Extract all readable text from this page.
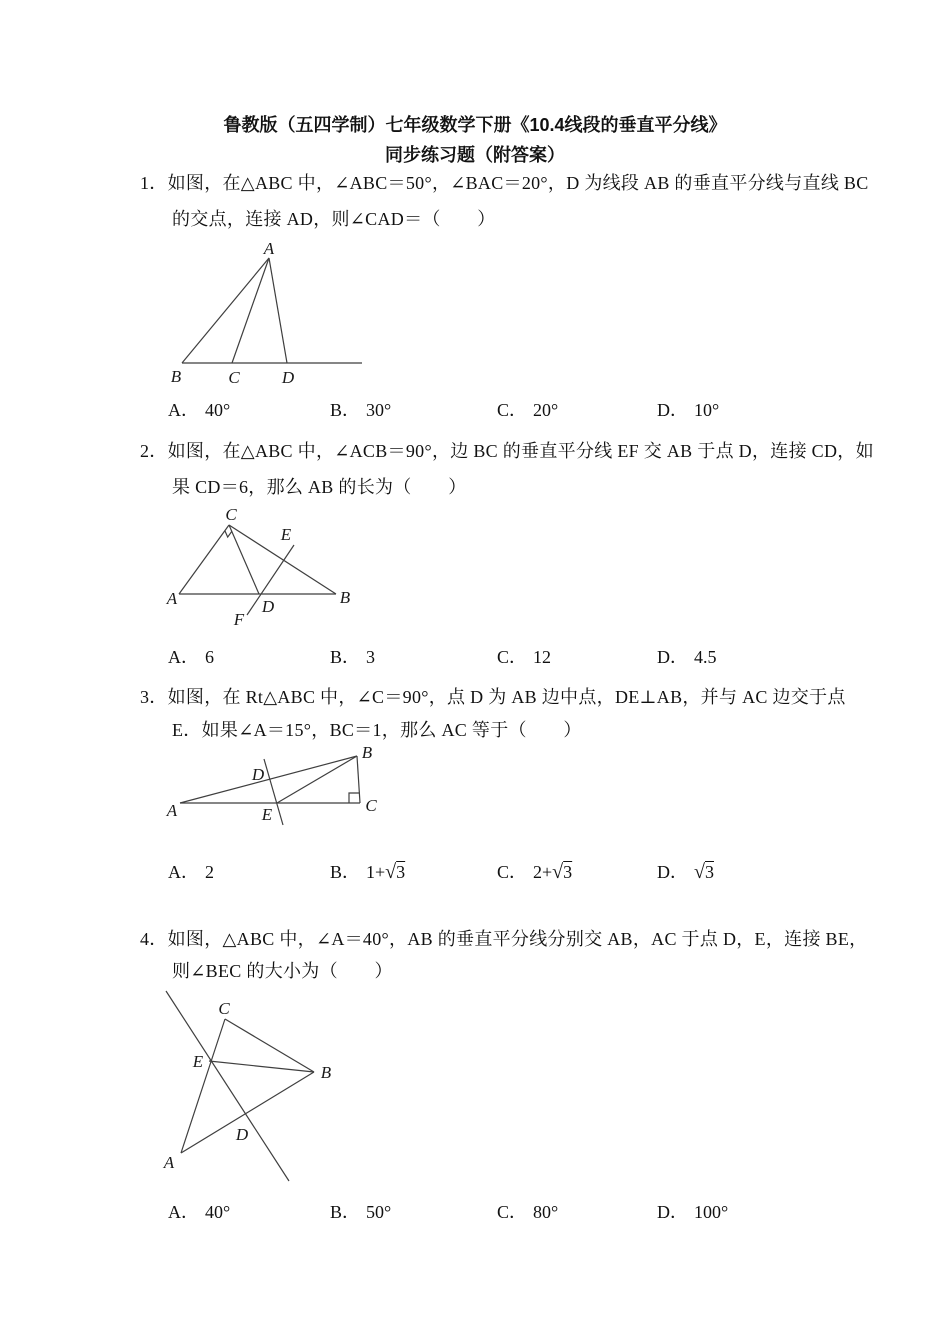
鲁教版（五四学制）七年级数学下册《10.4线段的垂直平分线》
同步练习题（附答案）
1．如图，在△ABC 中，∠ABC＝50°，∠BAC＝20°，D 为线段 AB 的垂直平分线与直线 BC
的交点，连接 AD，则∠CAD＝（　　）
A
B	C D
A． 40°	B． 30°	C． 20°	D． 10°
2．如图，在△ABC 中，∠ACB＝90°，边 BC 的垂直平分线 EF 交 AB 于点 D，连接 CD，如
果 CD＝6，那么 AB 的长为（　　）
C
E
A	B
D
F
A． 6	B． 3	C． 12	D． 4.5
3．如图，在 Rt△ABC 中，∠C＝90°，点 D 为 AB 边中点，DE⊥AB，并与 AC 边交于点
E．如果∠A＝15°，BC＝1，那么 AC 等于（　　）
A
B
C
D
E
A． 2	B． 1+√3	C． 2+√3	D． √3
4．如图，△ABC 中，∠A＝40°，AB 的垂直平分线分别交 AB，AC 于点 D，E，连接 BE，
则∠BEC 的大小为（　　）
C
E
B
D
A
A． 40°	B． 50°	C． 80°	D． 100°
